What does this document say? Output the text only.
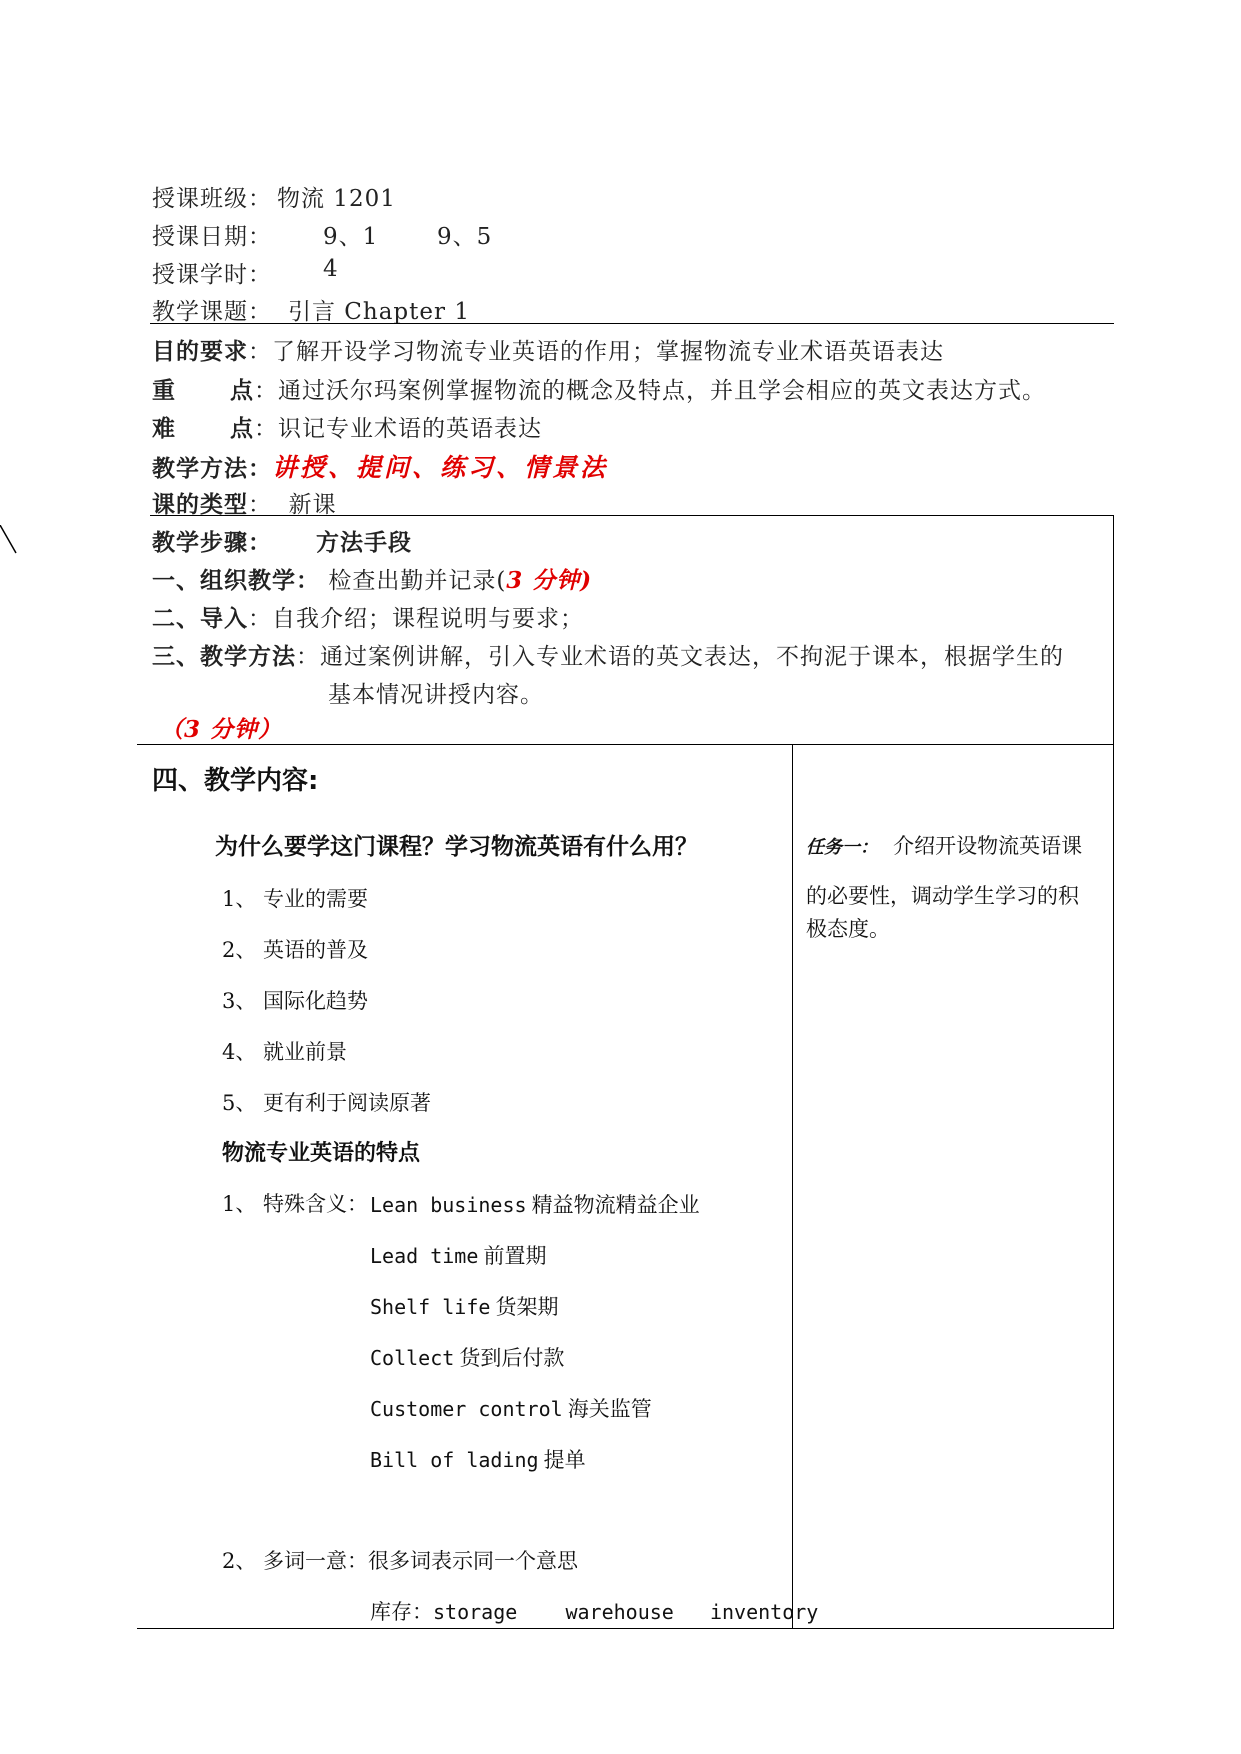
授课班级： 物流 1201
授课日期： 9、1	9、5
授课学时： 4
教学课题： 引言 Chapter 1
目的要求：了解开设学习物流专业英语的作用；掌握物流专业术语英语表达
重      点：通过沃尔玛案例掌握物流的概念及特点，并且学会相应的英文表达方式。
难      点：识记专业术语的英语表达
教学方法：讲授、提问、练习、情景法
课的类型：  新课
教学步骤： 方法手段
一、组织教学： 检查出勤并记录(3 分钟)
二、导入：自我介绍；课程说明与要求；
三、教学方法：通过案例讲解，引入专业术语的英文表达，不拘泥于课本，根据学生的
基本情况讲授内容。
（3 分钟）
四、教学内容:
为什么要学这门课程？学习物流英语有什么用？
1、 专业的需要
2、 英语的普及
3、 国际化趋势
4、 就业前景
5、 更有利于阅读原著
物流专业英语的特点
1、 特殊含义： Lean business 精益物流精益企业
Lead time 前置期
Shelf life 货架期
Collect 货到后付款
Customer control 海关监管
Bill of lading 提单
2、 多词一意：很多词表示同一个意思
库存：storage    warehouse   inventory
任务一： 介绍开设物流英语课
的必要性，调动学生学习的积
极态度。
